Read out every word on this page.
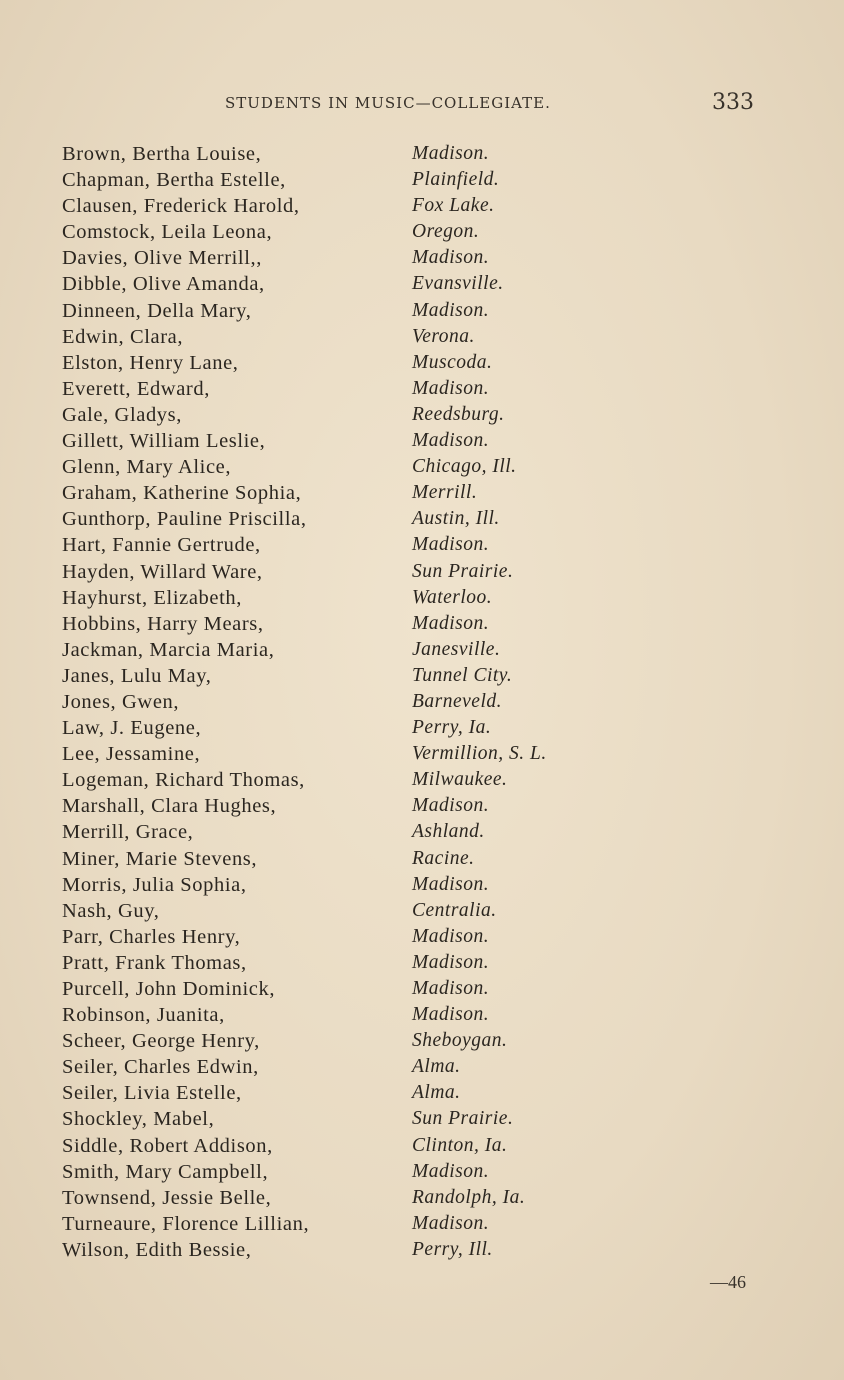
STUDENTS IN MUSIC—COLLEGIATE.	333
Brown, Bertha Louise,	Madison.
Chapman, Bertha Estelle,	Plainfield.
Clausen, Frederick Harold,	Fox Lake.
Comstock, Leila Leona,	Oregon.
Davies, Olive Merrill,,	Madison.
Dibble, Olive Amanda,	Evansville.
Dinneen, Della Mary,	Madison.
Edwin, Clara,	Verona.
Elston, Henry Lane,	Muscoda.
Everett, Edward,	Madison.
Gale, Gladys,	Reedsburg.
Gillett, William Leslie,	Madison.
Glenn, Mary Alice,	Chicago, Ill.
Graham, Katherine Sophia,	Merrill.
Gunthorp, Pauline Priscilla,	Austin, Ill.
Hart, Fannie Gertrude,	Madison.
Hayden, Willard Ware,	Sun Prairie.
Hayhurst, Elizabeth,	Waterloo.
Hobbins, Harry Mears,	Madison.
Jackman, Marcia Maria,	Janesville.
Janes, Lulu May,	Tunnel City.
Jones, Gwen,	Barneveld.
Law, J. Eugene,	Perry, Ia.
Lee, Jessamine,	Vermillion, S. L.
Logeman, Richard Thomas,	Milwaukee.
Marshall, Clara Hughes,	Madison.
Merrill, Grace,	Ashland.
Miner, Marie Stevens,	Racine.
Morris, Julia Sophia,	Madison.
Nash, Guy,	Centralia.
Parr, Charles Henry,	Madison.
Pratt, Frank Thomas,	Madison.
Purcell, John Dominick,	Madison.
Robinson, Juanita,	Madison.
Scheer, George Henry,	Sheboygan.
Seiler, Charles Edwin,	Alma.
Seiler, Livia Estelle,	Alma.
Shockley, Mabel,	Sun Prairie.
Siddle, Robert Addison,	Clinton, Ia.
Smith, Mary Campbell,	Madison.
Townsend, Jessie Belle,	Randolph, Ia.
Turneaure, Florence Lillian,	Madison.
Wilson, Edith Bessie,	Perry, Ill.
—46
